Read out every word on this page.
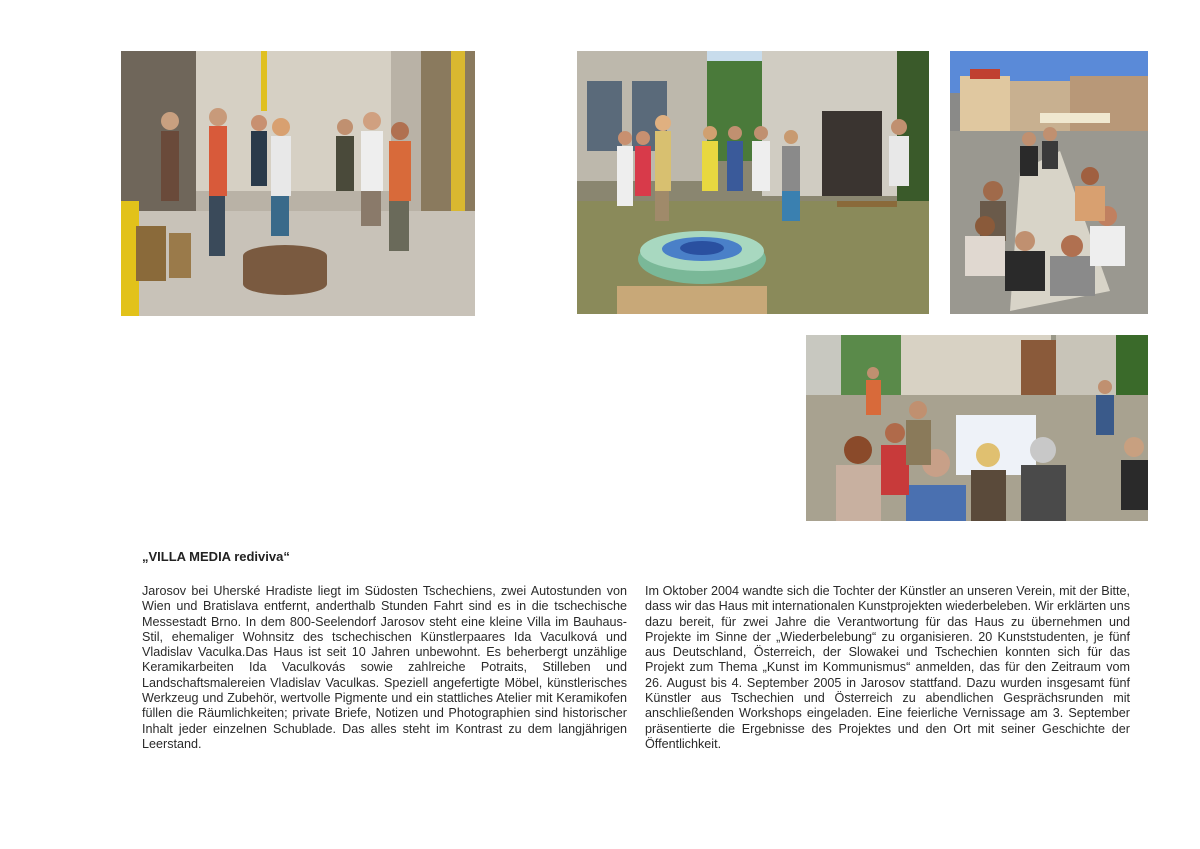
„VILLA MEDIA rediviva“
Jarosov bei Uherské Hradiste liegt im Südosten Tschechiens, zwei Autostunden von Wien und Bratislava entfernt, anderthalb Stunden Fahrt sind es in die tschechische Messestadt Brno. In dem 800-Seelendorf Jarosov steht eine kleine Villa im Bauhaus-Stil, ehemaliger Wohnsitz des tschechischen Künstlerpaares Ida Vaculková und Vladislav Vaculka.Das Haus ist seit 10 Jahren unbewohnt. Es beherbergt unzählige Keramikarbeiten Ida Vaculkovás sowie zahlreiche Potraits, Stilleben und Landschaftsmalereien Vladislav Vaculkas. Speziell angefertigte Möbel, künstlerisches Werkzeug und Zubehör, wertvolle Pigmente und ein stattliches Atelier mit Keramikofen füllen die Räumlichkeiten; private Briefe, Notizen und Photographien sind historischer Inhalt jeder einzelnen Schublade. Das alles steht im Kontrast zu dem langjährigen Leerstand.
Im Oktober 2004 wandte sich die Tochter der Künstler an unseren Verein, mit der Bitte, dass wir das Haus mit internationalen Kunstprojekten wiederbeleben. Wir erklärten uns dazu bereit, für zwei Jahre die Verantwortung für das Haus zu übernehmen und Projekte im Sinne der „Wiederbelebung“ zu organisieren. 20 Kunststudenten, je fünf aus Deutschland, Österreich, der Slowakei und Tschechien konnten sich für das Projekt zum Thema „Kunst im Kommunismus“ anmelden, das für den Zeitraum vom 26. August bis 4. September 2005 in Jarosov stattfand. Dazu wurden insgesamt fünf Künstler aus Tschechien und Österreich zu abendlichen Gesprächsrunden mit anschließenden Workshops eingeladen. Eine feierliche Vernissage am 3. September präsentierte die Ergebnisse des Projektes und den Ort mit seiner Geschichte der Öffentlichkeit.
